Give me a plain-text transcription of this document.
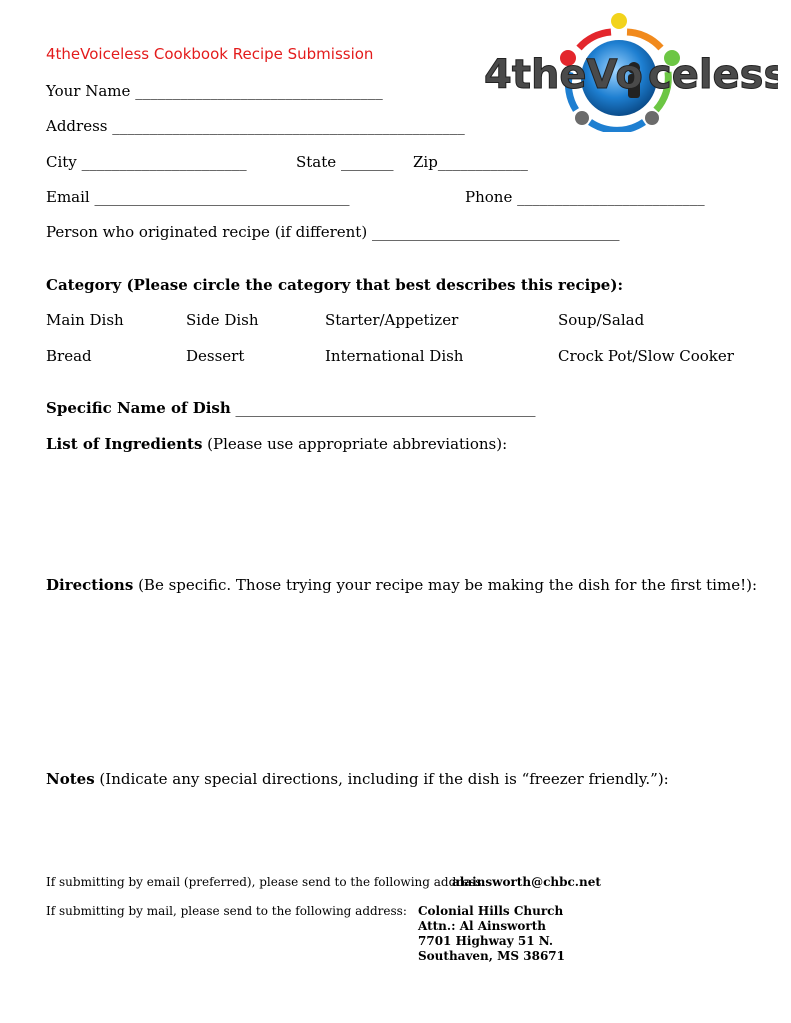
4theVoiceless Cookbook Recipe Submission	4theVo celess
Your Name _________________________________
Address _______________________________________________
City ______________________	State _______ Zip____________
Email __________________________________	Phone _________________________
Person who originated recipe (if different) _________________________________
Category (Please circle the category that best describes this recipe):
Main Dish	Side Dish	Starter/Appetizer	Soup/Salad
Bread	Dessert	International Dish	Crock Pot/Slow Cooker
Specific Name of Dish ________________________________________
List of Ingredients (Please use appropriate abbreviations):
Directions (Be specific. Those trying your recipe may be making the dish for the first time!):
Notes (Indicate any special directions, including if the dish is “freezer friendly.”):
If submitting by email (preferred), please send to the following address:
alainsworth@chbc.net
If submitting by mail, please send to the following address: Colonial Hills Church
Attn.: Al Ainsworth
7701 Highway 51 N.
Southaven, MS 38671
